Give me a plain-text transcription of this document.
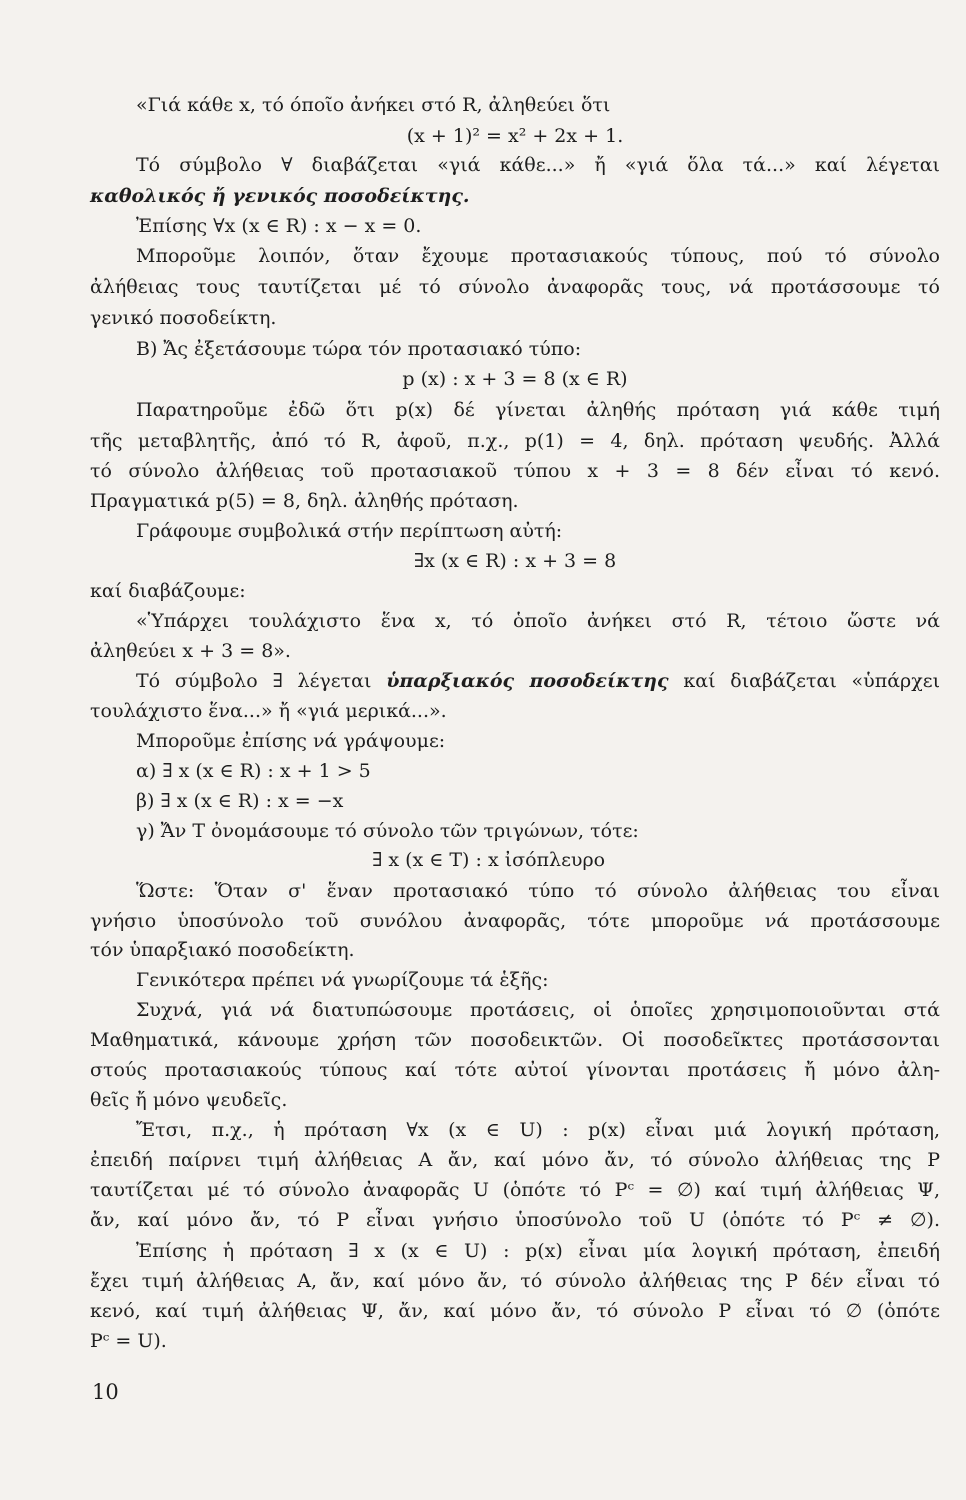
«Γιά κάθε x, τό όποῖο ἀνήκει στό R, ἀληθεύει ὅτι
(x + 1)² = x² + 2x + 1.
Τό σύμβολο ∀ διαβάζεται «γιά κάθε...» ἤ «γιά ὅλα τά...» καί λέγεται
καθολικός ἤ γενικός ποσοδείκτης.
Ἐπίσης ∀x (x ∈ R) : x − x = 0.
Μποροῦμε λοιπόν, ὅταν ἔχουμε προτασιακούς τύπους, πού τό σύνολο
ἀλήθειας τους ταυτίζεται μέ τό σύνολο ἀναφορᾶς τους, νά προτάσσουμε τό
γενικό ποσοδείκτη.
Β) Ἄς ἐξετάσουμε τώρα τόν προτασιακό τύπο:
p (x) : x + 3 = 8 (x ∈ R)
Παρατηροῦμε ἐδῶ ὅτι p(x) δέ γίνεται ἀληθής πρόταση γιά κάθε τιμή
τῆς μεταβλητῆς, ἀπό τό R, ἀφοῦ, π.χ., p(1) = 4, δηλ. πρόταση ψευδής. Ἀλλά
τό σύνολο ἀλήθειας τοῦ προτασιακοῦ τύπου x + 3 = 8 δέν εἶναι τό κενό.
Πραγματικά p(5) = 8, δηλ. ἀληθής πρόταση.
Γράφουμε συμβολικά στήν περίπτωση αὐτή:
∃x (x ∈ R) : x + 3 = 8
καί διαβάζουμε:
«Ὑπάρχει τουλάχιστο ἕνα x, τό ὁποῖο ἀνήκει στό R, τέτοιο ὥστε νά
ἀληθεύει x + 3 = 8».
Τό σύμβολο ∃ λέγεται ὑπαρξιακός ποσοδείκτης καί διαβάζεται «ὑπάρχει
τουλάχιστο ἕνα...» ἤ «γιά μερικά...».
Μποροῦμε ἐπίσης νά γράψουμε:
α) ∃ x (x ∈ R) : x + 1 > 5
β) ∃ x (x ∈ R) : x = −x
γ) Ἄν T ὀνομάσουμε τό σύνολο τῶν τριγώνων, τότε:
∃ x (x ∈ T) : x ἰσόπλευρο
Ὥστε: Ὅταν σ' ἕναν προτασιακό τύπο τό σύνολο ἀλήθειας του εἶναι
γνήσιο ὑποσύνολο τοῦ συνόλου ἀναφορᾶς, τότε μποροῦμε νά προτάσσουμε
τόν ὑπαρξιακό ποσοδείκτη.
Γενικότερα πρέπει νά γνωρίζουμε τά ἑξῆς:
Συχνά, γιά νά διατυπώσουμε προτάσεις, οἱ ὁποῖες χρησιμοποιοῦνται στά
Μαθηματικά, κάνουμε χρήση τῶν ποσοδεικτῶν. Οἱ ποσοδεῖκτες προτάσσονται
στούς προτασιακούς τύπους καί τότε αὐτοί γίνονται προτάσεις ἤ μόνο ἀλη-
θεῖς ἤ μόνο ψευδεῖς.
Ἔτσι, π.χ., ἡ πρόταση ∀x (x ∈ U) : p(x) εἶναι μιά λογική πρόταση,
ἐπειδή παίρνει τιμή ἀλήθειας Α ἄν, καί μόνο ἄν, τό σύνολο ἀλήθειας της P
ταυτίζεται μέ τό σύνολο ἀναφορᾶς U (ὁπότε τό Pᶜ = ∅) καί τιμή ἀλήθειας Ψ,
ἄν, καί μόνο ἄν, τό P εἶναι γνήσιο ὑποσύνολο τοῦ U (ὁπότε τό Pᶜ ≠ ∅).
Ἐπίσης ἡ πρόταση ∃ x (x ∈ U) : p(x) εἶναι μία λογική πρόταση, ἐπειδή
ἔχει τιμή ἀλήθειας Α, ἄν, καί μόνο ἄν, τό σύνολο ἀλήθειας της P δέν εἶναι τό
κενό, καί τιμή ἀλήθειας Ψ, ἄν, καί μόνο ἄν, τό σύνολο P εἶναι τό ∅ (ὁπότε
Pᶜ = U).
10
